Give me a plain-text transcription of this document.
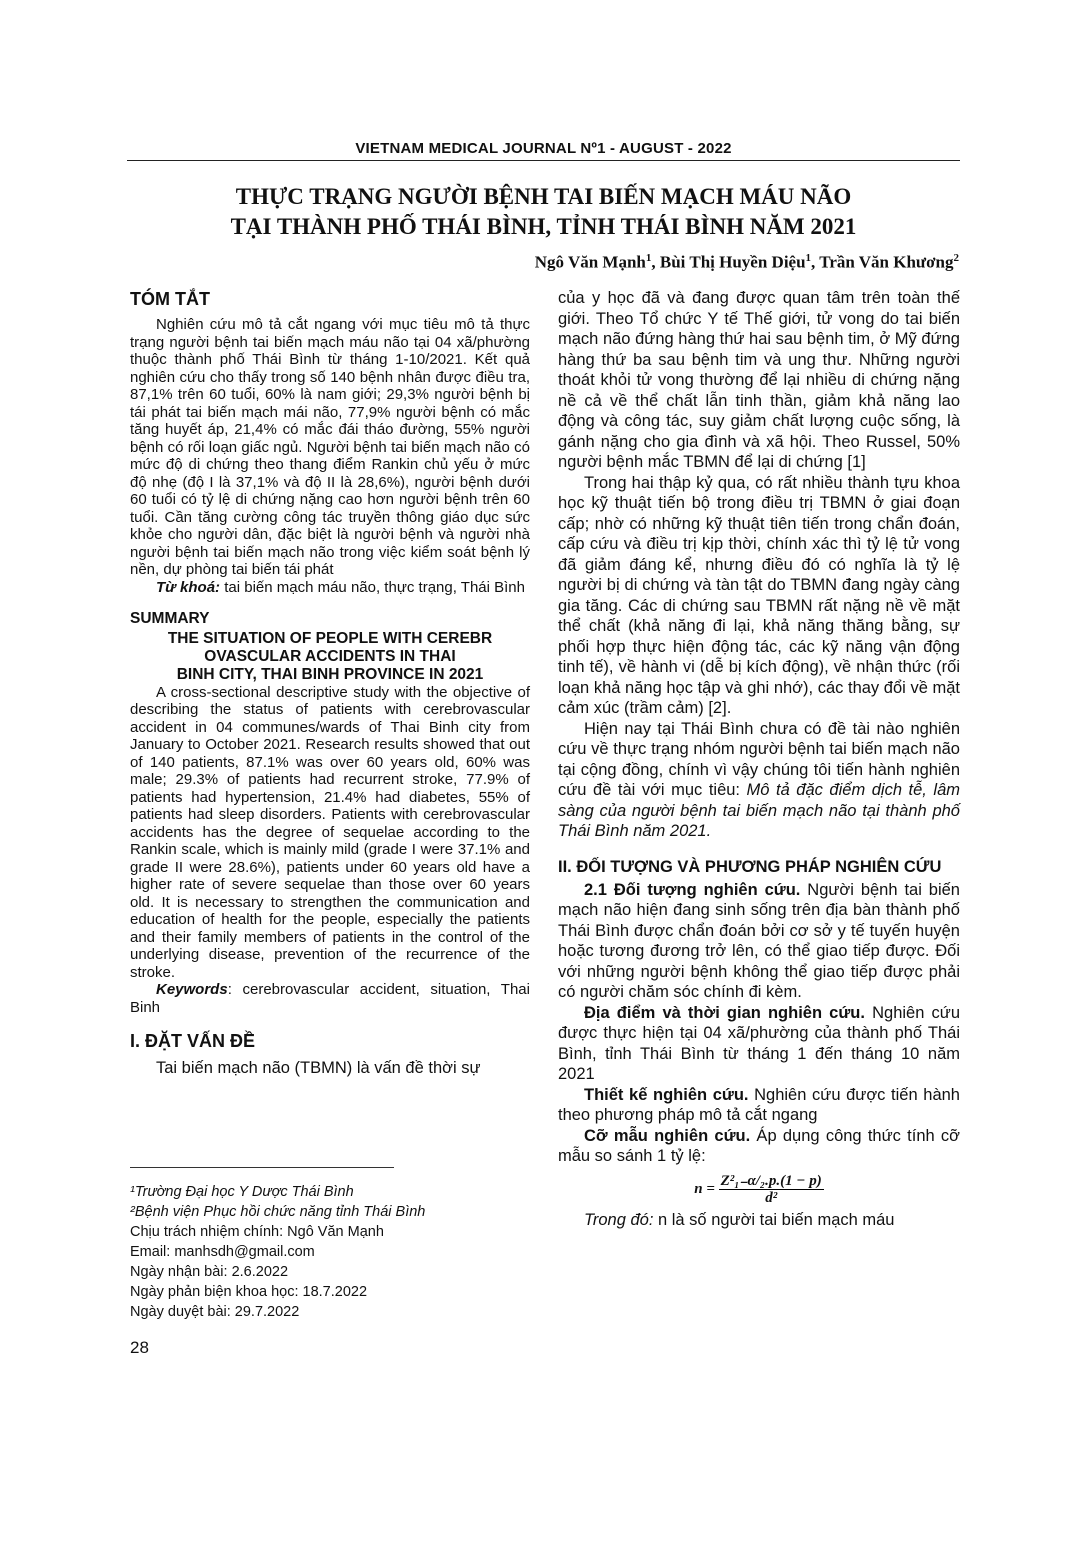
VIETNAM MEDICAL JOURNAL Nº1 - AUGUST - 2022
THỰC TRẠNG NGƯỜI BỆNH TAI BIẾN MẠCH MÁU NÃO
TẠI THÀNH PHỐ THÁI BÌNH, TỈNH THÁI BÌNH NĂM 2021
Ngô Văn Mạnh$^1$, Bùi Thị Huyền Diệu$^1$, Trần Văn Khương$^2$
TÓM TẮT

Nghiên cứu mô tả cắt ngang với mục tiêu mô tả thực trạng người bệnh tai biến mạch máu não tại 04 xã/phường thuộc thành phố Thái Bình từ tháng 1-10/2021. Kết quả nghiên cứu cho thấy trong số 140 bệnh nhân được điều tra, 87,1% trên 60 tuổi, 60% là nam giới; 29,3% người bệnh bị tái phát tai biến mạch mái não, 77,9% người bệnh có mắc tăng huyết áp, 21,4% có mắc đái tháo đường, 55% người bệnh có rối loạn giấc ngủ. Người bệnh tai biến mạch não có mức độ di chứng theo thang điểm Rankin chủ yếu ở mức độ nhẹ (độ I là 37,1% và độ II là 28,6%), người bệnh dưới 60 tuổi có tỷ lệ di chứng nặng cao hơn người bệnh trên 60 tuổi. Cần tăng cường công tác truyền thông giáo dục sức khỏe cho người dân, đặc biệt là người bệnh và người nhà người bệnh tai biến mạch não trong việc kiểm soát bệnh lý nền, dự phòng tai biến tái phát

Từ khoá: tai biến mạch máu não, thực trạng, Thái Bình

SUMMARY
THE SITUATION OF PEOPLE WITH CEREBR
OVASCULAR ACCIDENTS IN THAI
BINH CITY, THAI BINH PROVINCE IN 2021

A cross-sectional descriptive study with the objective of describing the status of patients with cerebrovascular accident in 04 communes/wards of Thai Binh city from January to October 2021. Research results showed that out of 140 patients, 87.1% was over 60 years old, 60% was male; 29.3% of patients had recurrent stroke, 77.9% of patients had hypertension, 21.4% had diabetes, 55% of patients had sleep disorders. Patients with cerebrovascular accidents has the degree of sequelae according to the Rankin scale, which is mainly mild (grade I were 37.1% and grade II were 28.6%), patients under 60 years old have a higher rate of severe sequelae than those over 60 years old. It is necessary to strengthen the communication and education of health for the people, especially the patients and their family members of patients in the control of the underlying disease, prevention of the recurrence of the stroke.

Keywords: cerebrovascular accident, situation, Thai Binh

I. ĐẶT VẤN ĐỀ

Tai biến mạch não (TBMN) là vấn đề thời sự

¹Trường Đại học Y Dược Thái Bình
²Bệnh viện Phục hồi chức năng tỉnh Thái Bình
Chịu trách nhiệm chính: Ngô Văn Mạnh
Email: manhsdh@gmail.com
Ngày nhận bài: 2.6.2022
Ngày phản biện khoa học: 18.7.2022
Ngày duyệt bài: 29.7.2022
28

của y học đã và đang được quan tâm trên toàn thế giới. Theo Tổ chức Y tế Thế giới, tử vong do tai biến mạch não đứng hàng thứ hai sau bệnh tim, ở Mỹ đứng hàng thứ ba sau bệnh tim và ung thư. Những người thoát khỏi tử vong thường để lại nhiều di chứng nặng nề cả về thể chất lẫn tinh thần, giảm khả năng lao động và công tác, suy giảm chất lượng cuộc sống, là gánh nặng cho gia đình và xã hội. Theo Russel, 50% người bệnh mắc TBMN để lại di chứng [1]

Trong hai thập kỷ qua, có rất nhiều thành tựu khoa học kỹ thuật tiến bộ trong điều trị TBMN ở giai đoạn cấp; nhờ có những kỹ thuật tiên tiến trong chẩn đoán, cấp cứu và điều trị kịp thời, chính xác thì tỷ lệ tử vong đã giảm đáng kể, nhưng điều đó có nghĩa là tỷ lệ người bị di chứng và tàn tật do TBMN đang ngày càng gia tăng. Các di chứng sau TBMN rất nặng nề về mặt thể chất (khả năng đi lại, khả năng thăng bằng, sự phối hợp thực hiện động tác, các kỹ năng vận động tinh tế), về hành vi (dễ bị kích động), về nhận thức (rối loạn khả năng học tập và ghi nhớ), các thay đổi về mặt cảm xúc (trầm cảm) [2].

Hiện nay tại Thái Bình chưa có đề tài nào nghiên cứu về thực trạng nhóm người bệnh tai biến mạch não tại cộng đồng, chính vì vậy chúng tôi tiến hành nghiên cứu đề tài với mục tiêu: Mô tả đặc điểm dịch tễ, lâm sàng của người bệnh tai biến mạch não tại thành phố Thái Bình năm 2021.

II. ĐỐI TƯỢNG VÀ PHƯƠNG PHÁP NGHIÊN CỨU

2.1 Đối tượng nghiên cứu. Người bệnh tai biến mạch não hiện đang sinh sống trên địa bàn thành phố Thái Bình được chẩn đoán bởi cơ sở y tế tuyến huyện hoặc tương đương trở lên, có thể giao tiếp được. Đối với những người bệnh không thể giao tiếp được phải có người chăm sóc chính đi kèm.

Địa điểm và thời gian nghiên cứu. Nghiên cứu được thực hiện tại 04 xã/phường của thành phố Thái Bình, tỉnh Thái Bình từ tháng 1 đến tháng 10 năm 2021

Thiết kế nghiên cứu. Nghiên cứu được tiến hành theo phương pháp mô tả cắt ngang

Cỡ mẫu nghiên cứu. Áp dụng công thức tính cỡ mẫu so sánh 1 tỷ lệ:

$n = \frac{\text{Z²₁₋α/₂.p.(1 − p)}}{\text{d²}}$

Trong đó: n là số người tai biến mạch máu
